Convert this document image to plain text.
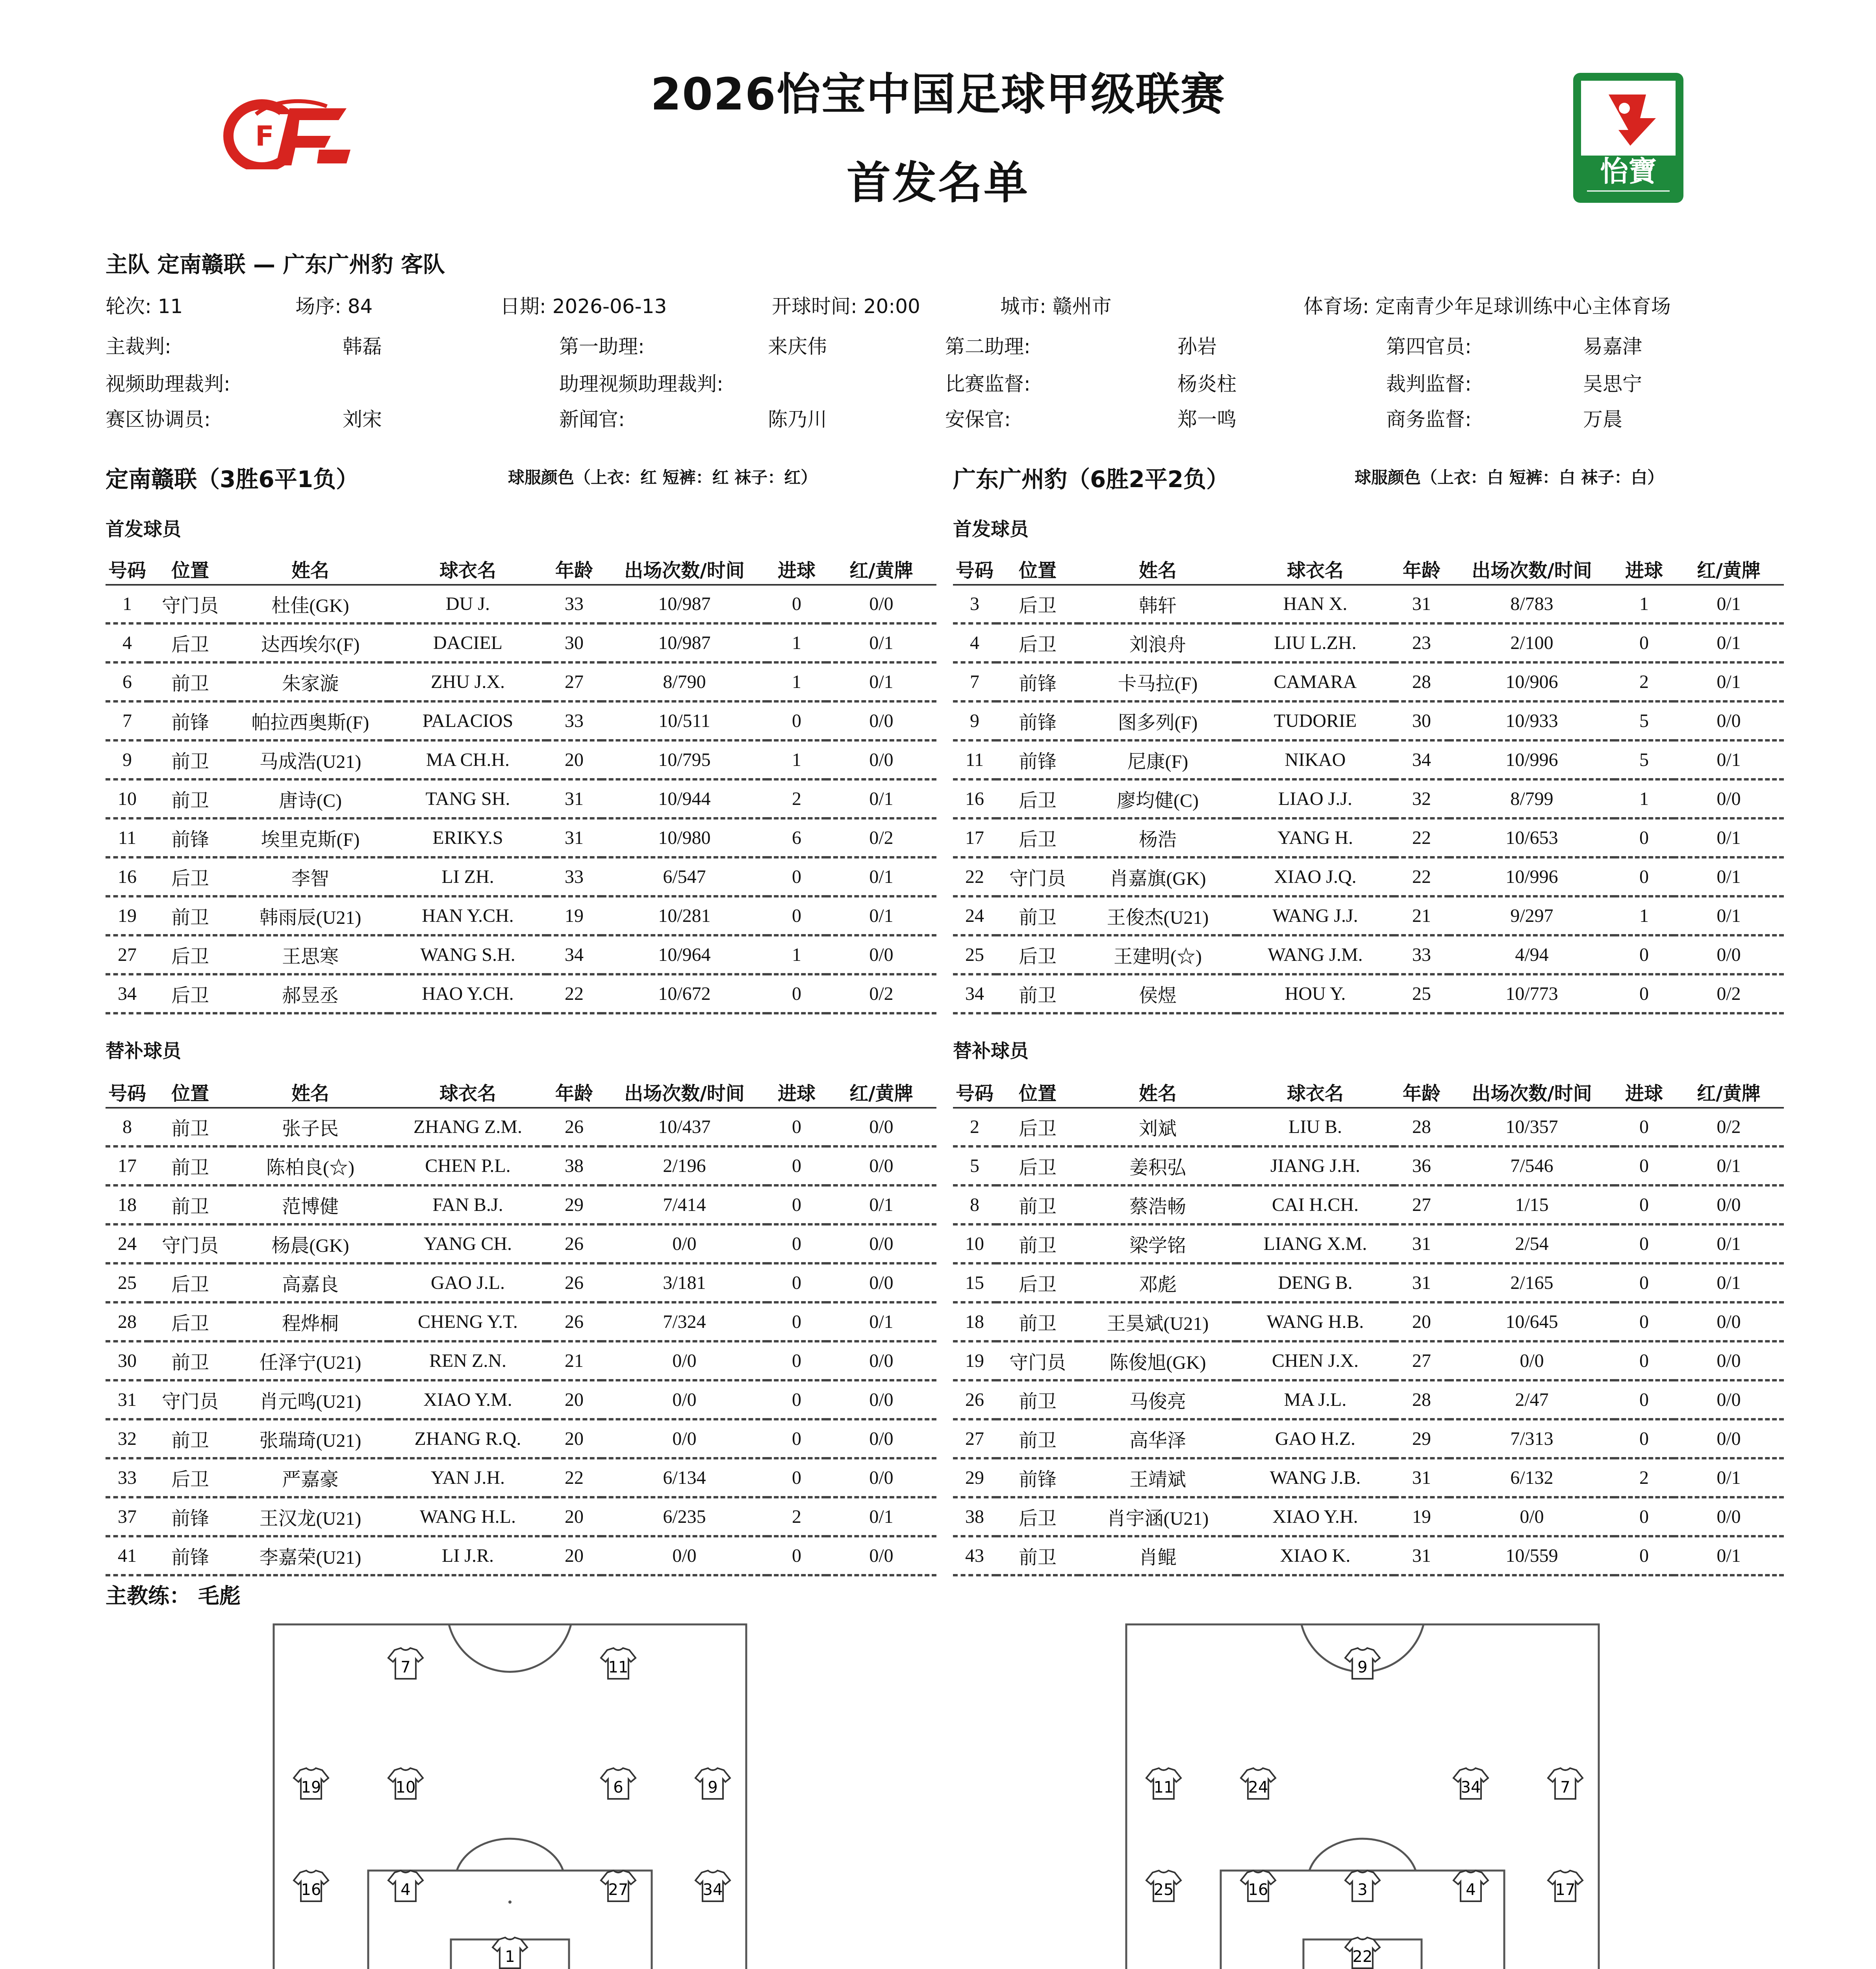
F
2026怡宝中国足球甲级联赛
首发名单	怡寶
主队 定南赣联 — 广东广州豹 客队
轮次: 11	场序: 84	日期: 2026-06-13	开球时间: 20:00	城市: 赣州市	体育场: 定南青少年足球训练中心主体育场
主裁判:	韩磊	第一助理:	来庆伟	第二助理:	孙岩	第四官员:	易嘉津
视频助理裁判:	助理视频助理裁判:	比赛监督:	杨炎柱	裁判监督:	吴思宁
赛区协调员:	刘宋	新闻官:	陈乃川	安保官:	郑一鸣	商务监督:	万晨
定南赣联（3胜6平1负）	球服颜色（上衣：红 短裤：红 袜子：红）	广东广州豹（6胜2平2负）	球服颜色（上衣：白 短裤：白 袜子：白）
首发球员	首发球员
替补球员	替补球员
号码	位置	姓名	球衣名	年龄	出场次数/时间	进球	红/黄牌
1	守门员	杜佳(GK)	DU J.	33	10/987	0	0/0
4	后卫	达西埃尔(F)	DACIEL	30	10/987	1	0/1
6	前卫	朱家漩	ZHU J.X.	27	8/790	1	0/1
7	前锋	帕拉西奥斯(F)	PALACIOS	33	10/511	0	0/0
9	前卫	马成浩(U21)	MA CH.H.	20	10/795	1	0/0
10	前卫	唐诗(C)	TANG SH.	31	10/944	2	0/1
11	前锋	埃里克斯(F)	ERIKY.S	31	10/980	6	0/2
16	后卫	李智	LI ZH.	33	6/547	0	0/1
19	前卫	韩雨辰(U21)	HAN Y.CH.	19	10/281	0	0/1
27	后卫	王思寒	WANG S.H.	34	10/964	1	0/0
34	后卫	郝昱丞	HAO Y.CH.	22	10/672	0	0/2
号码	位置	姓名	球衣名	年龄	出场次数/时间	进球	红/黄牌
3	后卫	韩轩	HAN X.	31	8/783	1	0/1
4	后卫	刘浪舟	LIU L.ZH.	23	2/100	0	0/1
7	前锋	卡马拉(F)	CAMARA	28	10/906	2	0/1
9	前锋	图多列(F)	TUDORIE	30	10/933	5	0/0
11	前锋	尼康(F)	NIKAO	34	10/996	5	0/1
16	后卫	廖均健(C)	LIAO J.J.	32	8/799	1	0/0
17	后卫	杨浩	YANG H.	22	10/653	0	0/1
22	守门员	肖嘉旗(GK)	XIAO J.Q.	22	10/996	0	0/1
24	前卫	王俊杰(U21)	WANG J.J.	21	9/297	1	0/1
25	后卫	王建明(☆)	WANG J.M.	33	4/94	0	0/0
34	前卫	侯煜	HOU Y.	25	10/773	0	0/2
号码	位置	姓名	球衣名	年龄	出场次数/时间	进球	红/黄牌
8	前卫	张子民	ZHANG Z.M.	26	10/437	0	0/0
17	前卫	陈柏良(☆)	CHEN P.L.	38	2/196	0	0/0
18	前卫	范博健	FAN B.J.	29	7/414	0	0/1
24	守门员	杨晨(GK)	YANG CH.	26	0/0	0	0/0
25	后卫	高嘉良	GAO J.L.	26	3/181	0	0/0
28	后卫	程烨桐	CHENG Y.T.	26	7/324	0	0/1
30	前卫	任泽宁(U21)	REN Z.N.	21	0/0	0	0/0
31	守门员	肖元鸣(U21)	XIAO Y.M.	20	0/0	0	0/0
32	前卫	张瑞琦(U21)	ZHANG R.Q.	20	0/0	0	0/0
33	后卫	严嘉豪	YAN J.H.	22	6/134	0	0/0
37	前锋	王汉龙(U21)	WANG H.L.	20	6/235	2	0/1
41	前锋	李嘉荣(U21)	LI J.R.	20	0/0	0	0/0
号码	位置	姓名	球衣名	年龄	出场次数/时间	进球	红/黄牌
2	后卫	刘斌	LIU B.	28	10/357	0	0/2
5	后卫	姜积弘	JIANG J.H.	36	7/546	0	0/1
8	前卫	蔡浩畅	CAI H.CH.	27	1/15	0	0/0
10	前卫	梁学铭	LIANG X.M.	31	2/54	0	0/1
15	后卫	邓彪	DENG B.	31	2/165	0	0/1
18	前卫	王昊斌(U21)	WANG H.B.	20	10/645	0	0/0
19	守门员	陈俊旭(GK)	CHEN J.X.	27	0/0	0	0/0
26	前卫	马俊亮	MA J.L.	28	2/47	0	0/0
27	前卫	高华泽	GAO H.Z.	29	7/313	0	0/0
29	前锋	王靖斌	WANG J.B.	31	6/132	2	0/1
38	后卫	肖宇涵(U21)	XIAO Y.H.	19	0/0	0	0/0
43	前卫	肖鲲	XIAO K.	31	10/559	0	0/1
主教练： 毛彪
7	11
19	10	6	9
16	4	27	34
1
9
11	24	34	7
25	16	3	4	17
22
